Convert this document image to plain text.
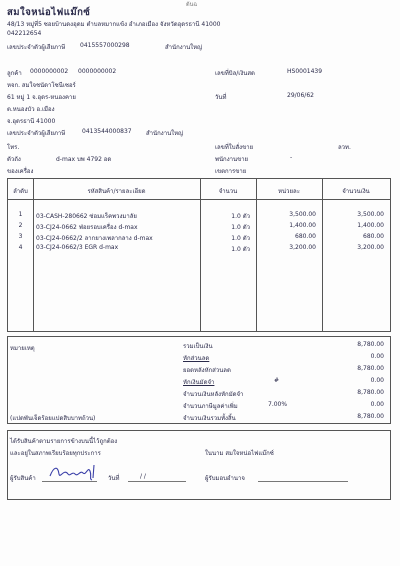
ต้นฉ
สมใจหน่อไฟแม๊กซ์
48/13 หมู่ที่5 ซอยบ้านดงอุดม ตำบลหมากแข้ง อำเภอเมือง จังหวัดอุดรธานี 41000
042212654
เลขประจำตัวผู้เสียภาษี 0415557000298	สำนักงานใหญ่
ลูกค้า 0000000002 0000000002
หจก. สมใจชนัดาโซนีเซอร์
61 หมู่ 1 จ.อุดร-หนองคาย
ต.หนองบัว อ.เมือง
จ.อุดรธานี 41000
เลขประจำตัวผู้เสียภาษี	0413544000837 สำนักงานใหญ่
โทร.
ตัวถัง	d-max บพ 4792 อด
ของเครื่อง
เลขที่บิล/เงินสด	HS0001439
วันที่	29/06/62
เลขที่ใบสั่งขาย	ลวท.
พนักงานขาย	-
เขตการขาย
ลำดับ	รหัสสินค้า/รายละเอียด	จำนวน	หน่วยละ	จำนวนเงิน
1	03-CASH-280662 ซ่อมแร็คพวงมาลัย	1.0 ตัว	3,500.00	3,500.00
2	03-CJ24-0662 ฟ่อยรอบเครื่อง d-max	1.0 ตัว	1,400.00	1,400.00
3	03-CJ24-0662/2 ลากยางเพลากลาง d-max	1.0 ตัว	680.00	680.00
4	03-CJ24-0662/3 EGR d-max	1.0 ตัว	3,200.00	3,200.00
หมายเหตุ	รวมเป็นเงิน	8,780.00
หักส่วนลด	0.00
ยอดหลังหักส่วนลด	8,780.00
หักเงินมัดจำ	#	0.00
จำนวนเงินหลังหักมัดจำ	8,780.00
จำนวนภาษีมูลค่าเพิ่ม	7.00%	0.00
(แปดพันเจ็ดร้อยแปดสิบบาทถ้วน)	จำนวนเงินรวมทั้งสิ้น	8,780.00
ได้รับสินค้าตามรายการข้างบนนี้ไว้ถูกต้อง
และอยู่ในสภาพเรียบร้อยทุกประการ	ในนาม สมใจหน่อไฟแม๊กซ์
ผู้รับสินค้า	วันที่	/ /	ผู้รับมอบอำนาจ
